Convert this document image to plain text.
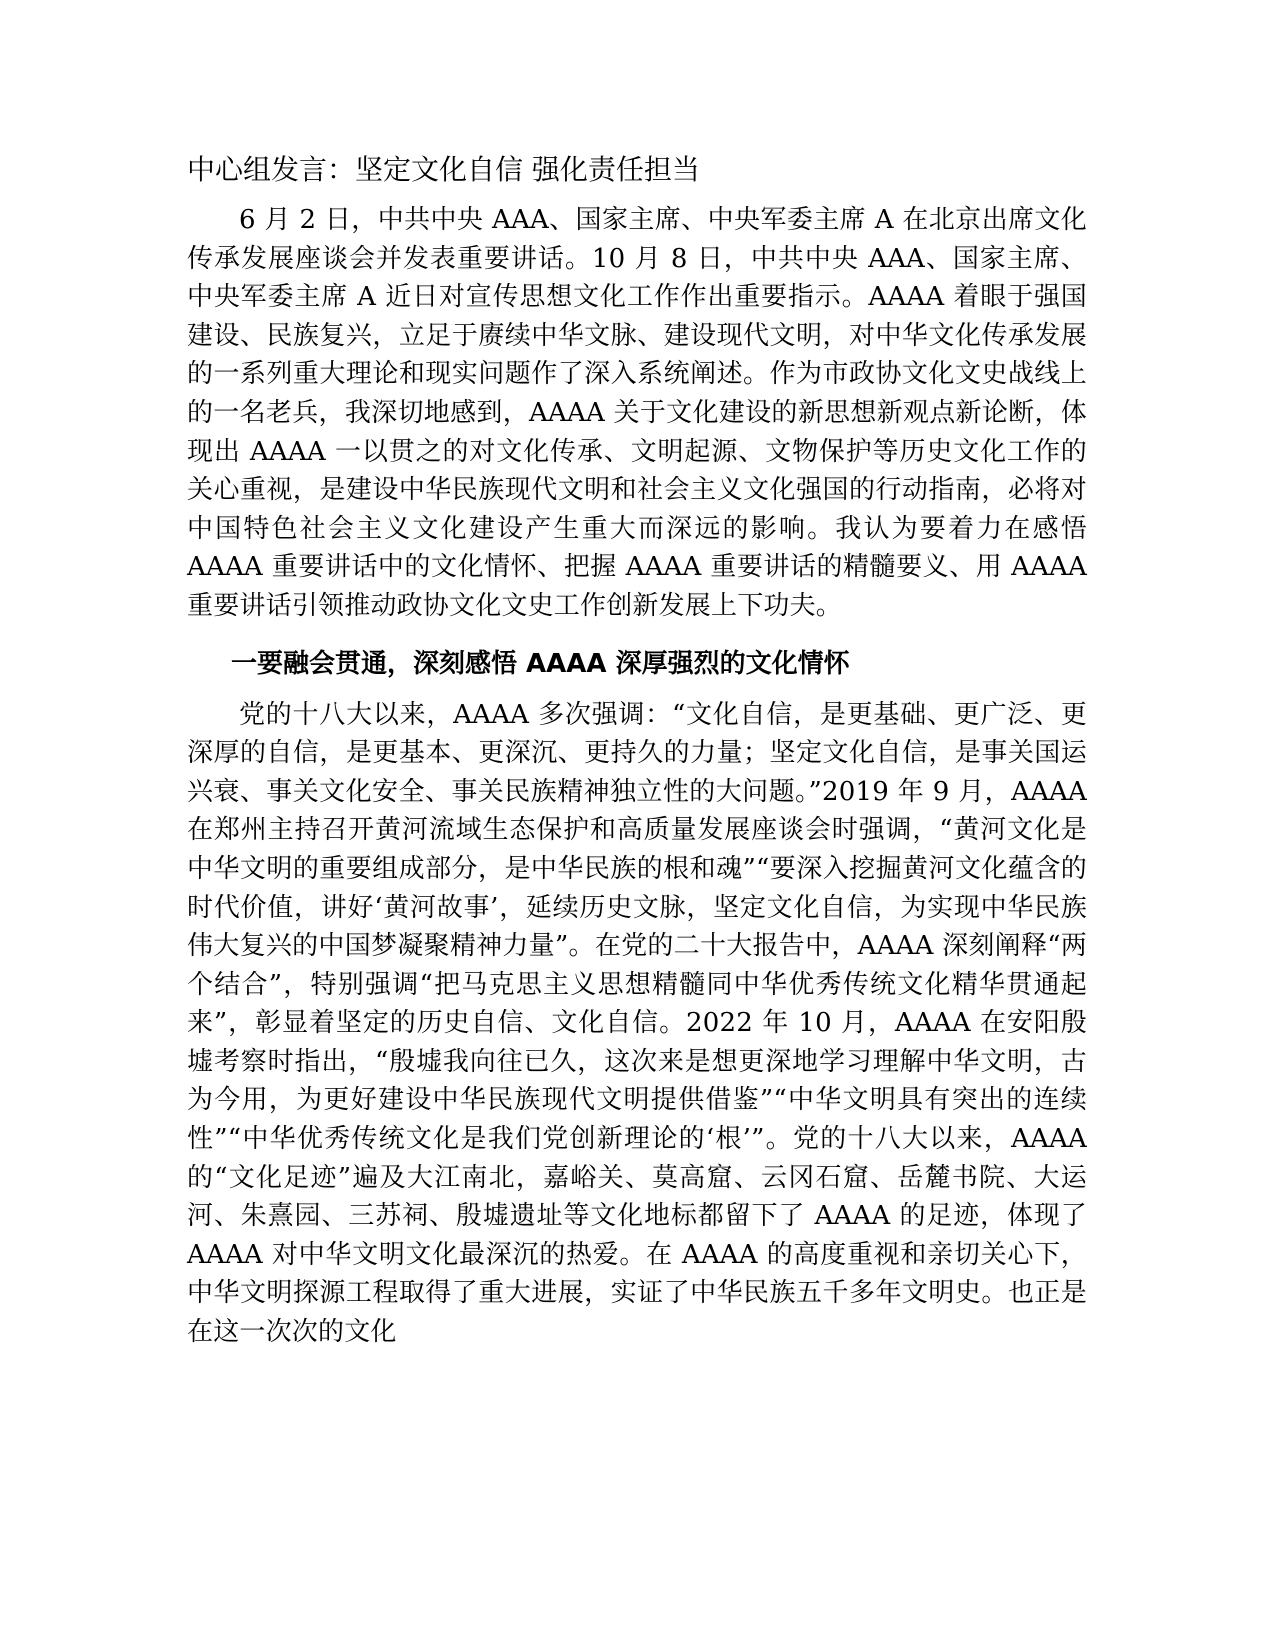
中心组发言：坚定文化自信 强化责任担当

6 月 2 日，中共中央 AAA、国家主席、中央军委主席 A 在北京出席文化传承发展座谈会并发表重要讲话。10 月 8 日，中共中央 AAA、国家主席、中央军委主席 A 近日对宣传思想文化工作作出重要指示。AAAA 着眼于强国建设、民族复兴，立足于赓续中华文脉、建设现代文明，对中华文化传承发展的一系列重大理论和现实问题作了深入系统阐述。作为市政协文化文史战线上的一名老兵，我深切地感到，AAAA 关于文化建设的新思想新观点新论断，体现出 AAAA 一以贯之的对文化传承、文明起源、文物保护等历史文化工作的关心重视，是建设中华民族现代文明和社会主义文化强国的行动指南，必将对中国特色社会主义文化建设产生重大而深远的影响。我认为要着力在感悟 AAAA 重要讲话中的文化情怀、把握 AAAA 重要讲话的精髓要义、用 AAAA 重要讲话引领推动政协文化文史工作创新发展上下功夫。

一要融会贯通，深刻感悟 AAAA 深厚强烈的文化情怀

党的十八大以来，AAAA 多次强调：“文化自信，是更基础、更广泛、更深厚的自信，是更基本、更深沉、更持久的力量；坚定文化自信，是事关国运兴衰、事关文化安全、事关民族精神独立性的大问题。”2019 年 9 月，AAAA 在郑州主持召开黄河流域生态保护和高质量发展座谈会时强调，“黄河文化是中华文明的重要组成部分，是中华民族的根和魂”“要深入挖掘黄河文化蕴含的时代价值，讲好‘黄河故事’，延续历史文脉，坚定文化自信，为实现中华民族伟大复兴的中国梦凝聚精神力量”。在党的二十大报告中，AAAA 深刻阐释“两个结合”，特别强调“把马克思主义思想精髓同中华优秀传统文化精华贯通起来”，彰显着坚定的历史自信、文化自信。2022 年 10 月，AAAA 在安阳殷墟考察时指出，“殷墟我向往已久，这次来是想更深地学习理解中华文明，古为今用，为更好建设中华民族现代文明提供借鉴”“中华文明具有突出的连续性”“中华优秀传统文化是我们党创新理论的‘根’”。党的十八大以来，AAAA 的“文化足迹”遍及大江南北，嘉峪关、莫高窟、云冈石窟、岳麓书院、大运河、朱熹园、三苏祠、殷墟遗址等文化地标都留下了 AAAA 的足迹，体现了 AAAA 对中华文明文化最深沉的热爱。在 AAAA 的高度重视和亲切关心下，中华文明探源工程取得了重大进展，实证了中华民族五千多年文明史。也正是在这一次次的文化
